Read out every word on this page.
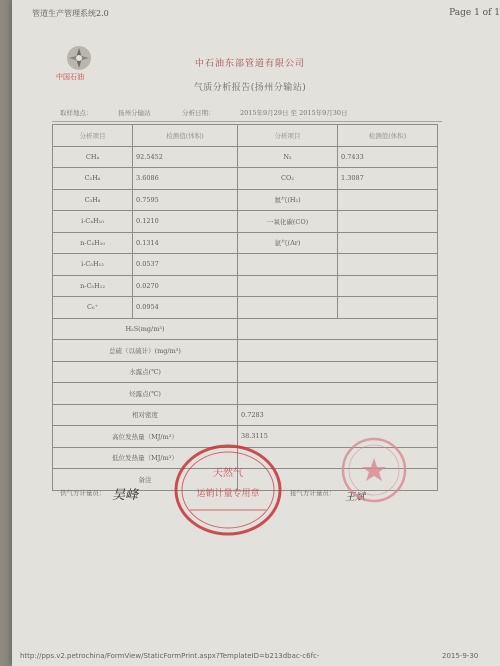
管道生产管理系统2.0	Page 1 of 1
中国石油
中石油东部管道有限公司
气质分析报告(扬州分输站)
取样地点：	扬州分输站	分析日期：	2015年9月29日 至 2015年9月30日
分析项目	检测值(体积)	分析项目	检测值(体积)
CH₄	92.5452	N₂	0.7433
C₂H₆	3.6086	CO₂	1.3087
C₃H₈	0.7595	氦气(H₂)	
i-C₄H₁₀	0.1210	一氧化碳(CO)	
n-C₄H₁₀	0.1314	氩气(Ar)	
i-C₅H₁₂	0.0537		
n-C₅H₁₂	0.0270		
C₆⁺	0.0954		
H₂S(mg/m³)			
总硫（以硫计）(mg/m³)			
水露点(℃)			
烃露点(℃)			
相对密度		0.7283	
高位发热量（MJ/m³）		38.3115	
低位发热量（MJ/m³）			
备注			
供气方计量员： 吴峰	接气方计量员： 王斌
天然气
运销计量专用章
http://pps.v2.petrochina/FormView/StaticFormPrint.aspx?TemplateID=b213dbac-c6fc-	2015-9-30
